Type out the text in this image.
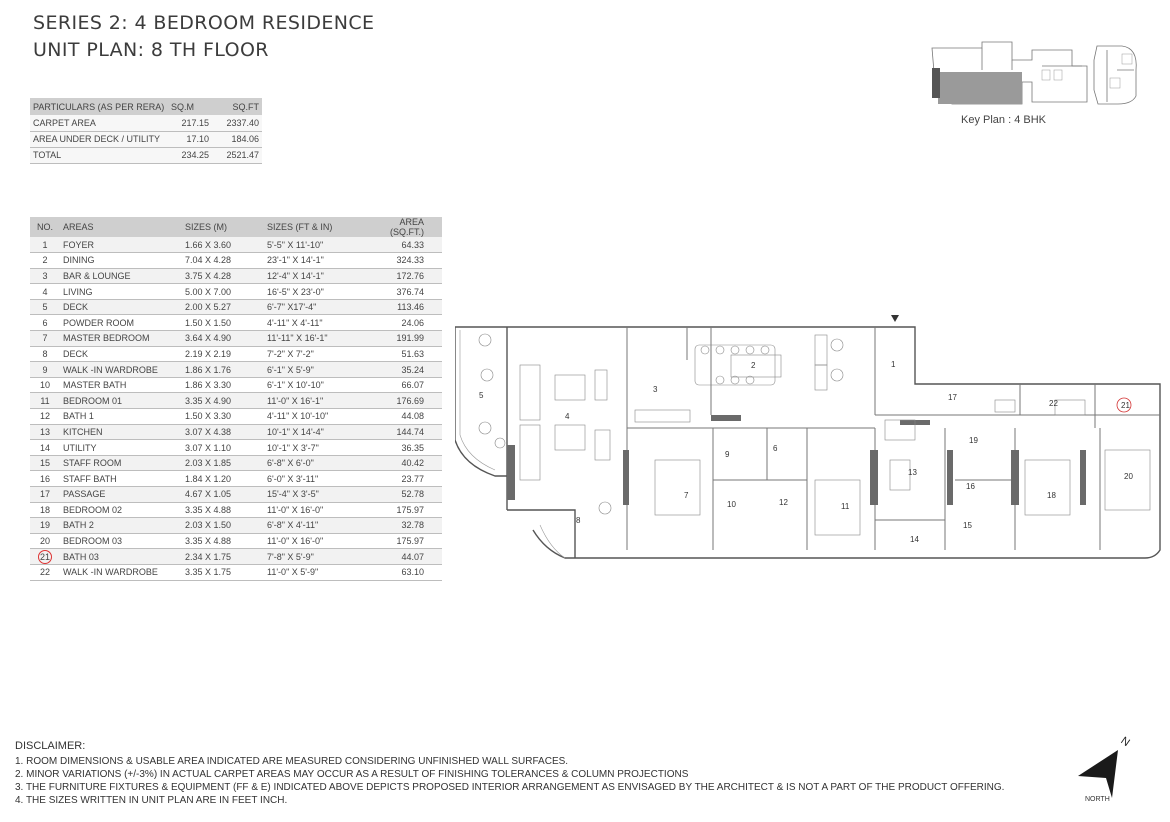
SERIES 2: 4 BEDROOM RESIDENCE
UNIT PLAN: 8 TH FLOOR
PARTICULARS (AS PER RERA)	SQ.M	SQ.FT
CARPET AREA	217.15	2337.40
AREA UNDER DECK / UTILITY	17.10	184.06
TOTAL	234.25	2521.47
NO.	AREAS	SIZES (M)	SIZES (FT & IN)	AREA (SQ.FT.)
1	FOYER	1.66 X 3.60	5'-5" X 11'-10"	64.33
2	DINING	7.04 X 4.28	23'-1" X 14'-1"	324.33
3	BAR & LOUNGE	3.75 X 4.28	12'-4" X 14'-1"	172.76
4	LIVING	5.00 X 7.00	16'-5" X 23'-0"	376.74
5	DECK	2.00 X 5.27	6'-7" X17'-4"	113.46
6	POWDER ROOM	1.50 X 1.50	4'-11" X 4'-11"	24.06
7	MASTER BEDROOM	3.64 X 4.90	11'-11" X 16'-1"	191.99
8	DECK	2.19 X 2.19	7'-2" X 7'-2"	51.63
9	WALK -IN WARDROBE	1.86 X 1.76	6'-1" X 5'-9"	35.24
10	MASTER BATH	1.86 X 3.30	6'-1" X 10'-10"	66.07
11	BEDROOM 01	3.35 X 4.90	11'-0" X 16'-1"	176.69
12	BATH 1	1.50 X 3.30	4'-11" X 10'-10"	44.08
13	KITCHEN	3.07 X 4.38	10'-1" X 14'-4"	144.74
14	UTILITY	3.07 X 1.10	10'-1" X 3'-7"	36.35
15	STAFF ROOM	2.03 X 1.85	6'-8" X 6'-0"	40.42
16	STAFF BATH	1.84 X 1.20	6'-0" X 3'-11"	23.77
17	PASSAGE	4.67 X 1.05	15'-4" X 3'-5"	52.78
18	BEDROOM 02	3.35 X 4.88	11'-0" X 16'-0"	175.97
19	BATH 2	2.03 X 1.50	6'-8" X 4'-11"	32.78
20	BEDROOM 03	3.35 X 4.88	11'-0" X 16'-0"	175.97
21	BATH 03	2.34 X 1.75	7'-8" X 5'-9"	44.07
22	WALK -IN WARDROBE	3.35 X 1.75	11'-0" X 5'-9"	63.10
Key Plan : 4 BHK
1
2
3
4
5
6
7
8
9
10	11
12
13
14
15
16
17
18
19
20
21
22
DISCLAIMER:
1. ROOM DIMENSIONS & USABLE AREA INDICATED ARE MEASURED CONSIDERING UNFINISHED WALL SURFACES.
2. MINOR VARIATIONS (+/-3%) IN ACTUAL CARPET AREAS MAY OCCUR AS A RESULT OF FINISHING TOLERANCES & COLUMN PROJECTIONS
3. THE FURNITURE FIXTURES & EQUIPMENT (FF & E) INDICATED ABOVE DEPICTS PROPOSED INTERIOR ARRANGEMENT AS ENVISAGED BY THE ARCHITECT & IS NOT A PART OF THE PRODUCT OFFERING.
4. THE SIZES WRITTEN IN UNIT PLAN ARE IN FEET INCH.
N
NORTH
